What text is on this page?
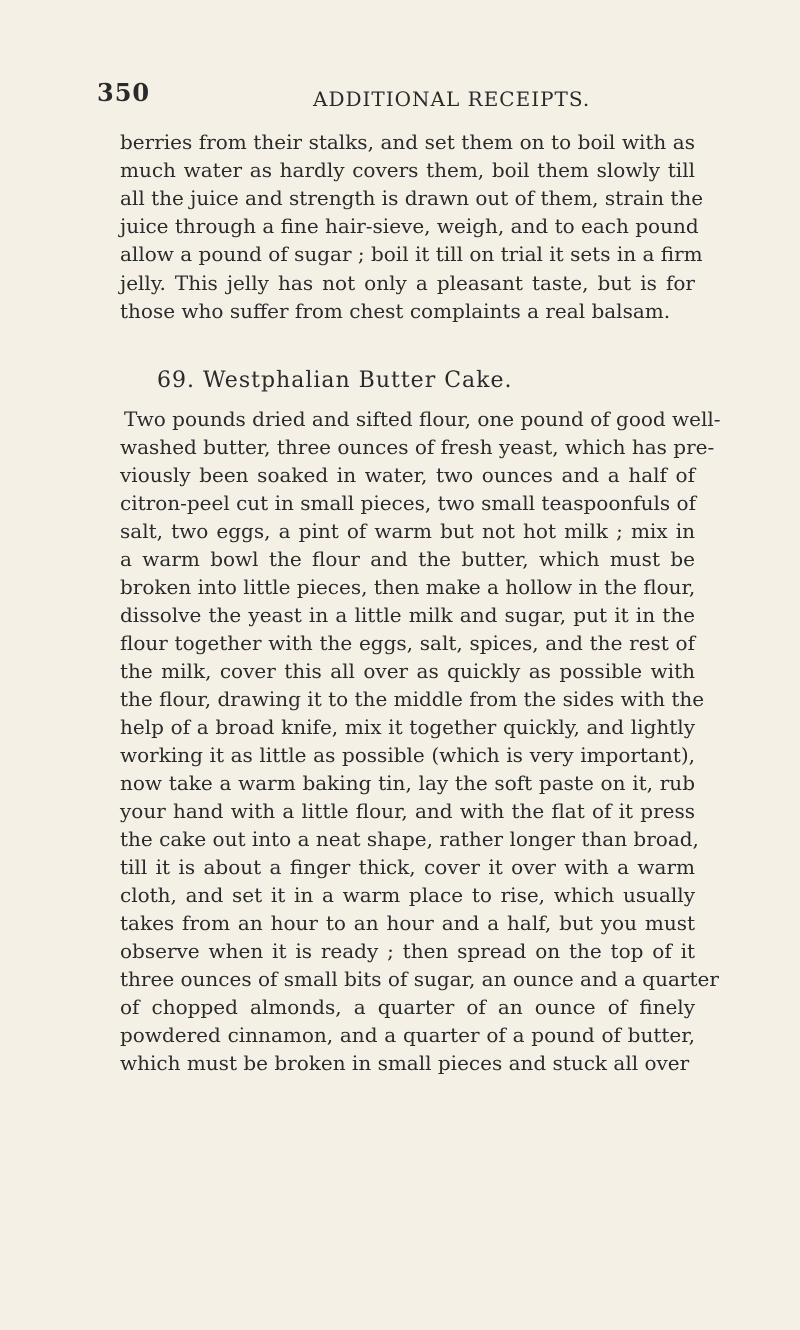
350	ADDITIONAL RECEIPTS.
berries from their stalks, and set them on to boil with as
much water as hardly covers them, boil them slowly till
all the juice and strength is drawn out of them, strain the
juice through a fine hair-sieve, weigh, and to each pound
allow a pound of sugar ; boil it till on trial it sets in a firm
jelly. This jelly has not only a pleasant taste, but is for
those who suffer from chest complaints a real balsam.
69. Westphalian Butter Cake.
Two pounds dried and sifted flour, one pound of good well-
washed butter, three ounces of fresh yeast, which has pre-
viously been soaked in water, two ounces and a half of
citron-peel cut in small pieces, two small teaspoonfuls of
salt, two eggs, a pint of warm but not hot milk ; mix in
a warm bowl the flour and the butter, which must be
broken into little pieces, then make a hollow in the flour,
dissolve the yeast in a little milk and sugar, put it in the
flour together with the eggs, salt, spices, and the rest of
the milk, cover this all over as quickly as possible with
the flour, drawing it to the middle from the sides with the
help of a broad knife, mix it together quickly, and lightly
working it as little as possible (which is very important),
now take a warm baking tin, lay the soft paste on it, rub
your hand with a little flour, and with the flat of it press
the cake out into a neat shape, rather longer than broad,
till it is about a finger thick, cover it over with a warm
cloth, and set it in a warm place to rise, which usually
takes from an hour to an hour and a half, but you must
observe when it is ready ; then spread on the top of it
three ounces of small bits of sugar, an ounce and a quarter
of chopped almonds, a quarter of an ounce of finely
powdered cinnamon, and a quarter of a pound of butter,
which must be broken in small pieces and stuck all over
